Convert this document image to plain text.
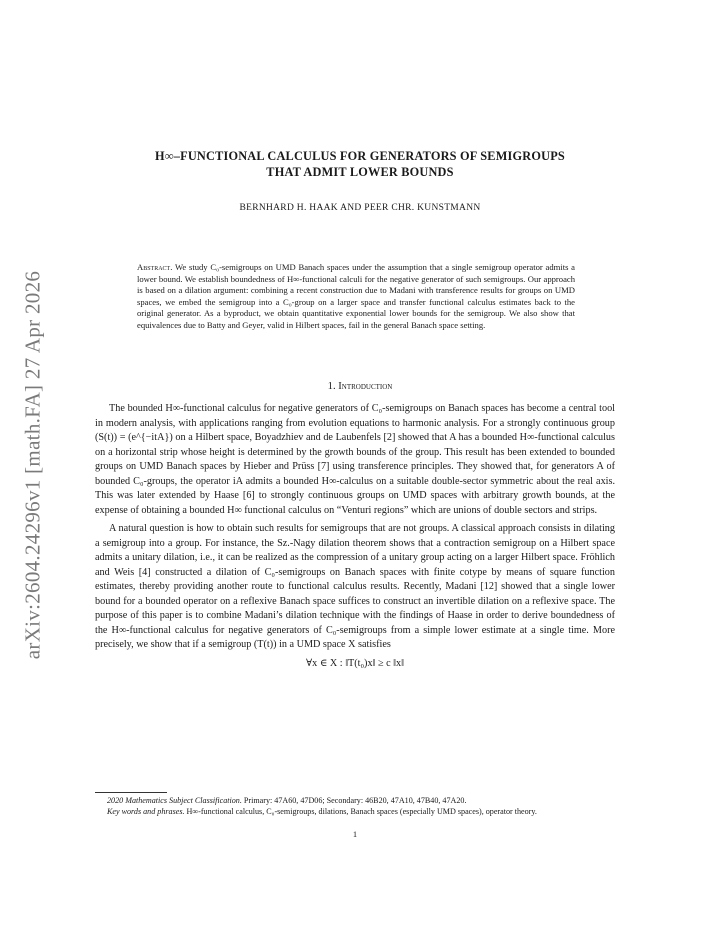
arXiv:2604.24296v1 [math.FA] 27 Apr 2026
H∞–FUNCTIONAL CALCULUS FOR GENERATORS OF SEMIGROUPS
THAT ADMIT LOWER BOUNDS
BERNHARD H. HAAK AND PEER CHR. KUNSTMANN
Abstract. We study C₀-semigroups on UMD Banach spaces under the assumption that a single semigroup operator admits a lower bound. We establish boundedness of H∞-functional calculi for the negative generator of such semigroups. Our approach is based on a dilation argument: combining a recent construction due to Madani with transference results for groups on UMD spaces, we embed the semigroup into a C₀-group on a larger space and transfer functional calculus estimates back to the original generator. As a byproduct, we obtain quantitative exponential lower bounds for the semigroup. We also show that equivalences due to Batty and Geyer, valid in Hilbert spaces, fail in the general Banach space setting.
1. Introduction

The bounded H∞-functional calculus for negative generators of C₀-semigroups on Banach spaces has become a central tool in modern analysis, with applications ranging from evolution equations to harmonic analysis. For a strongly continuous group (S(t)) = (e^{−itA}) on a Hilbert space, Boyadzhiev and de Laubenfels [2] showed that A has a bounded H∞-functional calculus on a horizontal strip whose height is determined by the growth bounds of the group. This result has been extended to bounded groups on UMD Banach spaces by Hieber and Prüss [7] using transference principles. They showed that, for generators A of bounded C₀-groups, the operator iA admits a bounded H∞-calculus on a suitable double-sector symmetric about the real axis. This was later extended by Haase [6] to strongly continuous groups on UMD spaces with arbitrary growth bounds, at the expense of obtaining a bounded H∞ functional calculus on “Venturi regions” which are unions of double sectors and strips.

A natural question is how to obtain such results for semigroups that are not groups. A classical approach consists in dilating a semigroup into a group. For instance, the Sz.-Nagy dilation theorem shows that a contraction semigroup on a Hilbert space admits a unitary dilation, i.e., it can be realized as the compression of a unitary group acting on a larger Hilbert space. Fröhlich and Weis [4] constructed a dilation of C₀-semigroups on Banach spaces with finite cotype by means of square function estimates, thereby providing another route to functional calculus results. Recently, Madani [12] showed that a single lower bound for a bounded operator on a reflexive Banach space suffices to construct an invertible dilation on a reflexive space. The purpose of this paper is to combine Madani’s dilation technique with the findings of Haase in order to derive boundedness of the H∞-functional calculus for negative generators of C₀-semigroups from a simple lower estimate at a single time. More precisely, we show that if a semigroup (T(t)) in a UMD space X satisfies

∀x ∈ X : ‖T(t₀)x‖ ≥ c ‖x‖

2020 Mathematics Subject Classification. Primary: 47A60, 47D06; Secondary: 46B20, 47A10, 47B40, 47A20.

Key words and phrases. H∞-functional calculus, C₀-semigroups, dilations, Banach spaces (especially UMD spaces), operator theory.

1
